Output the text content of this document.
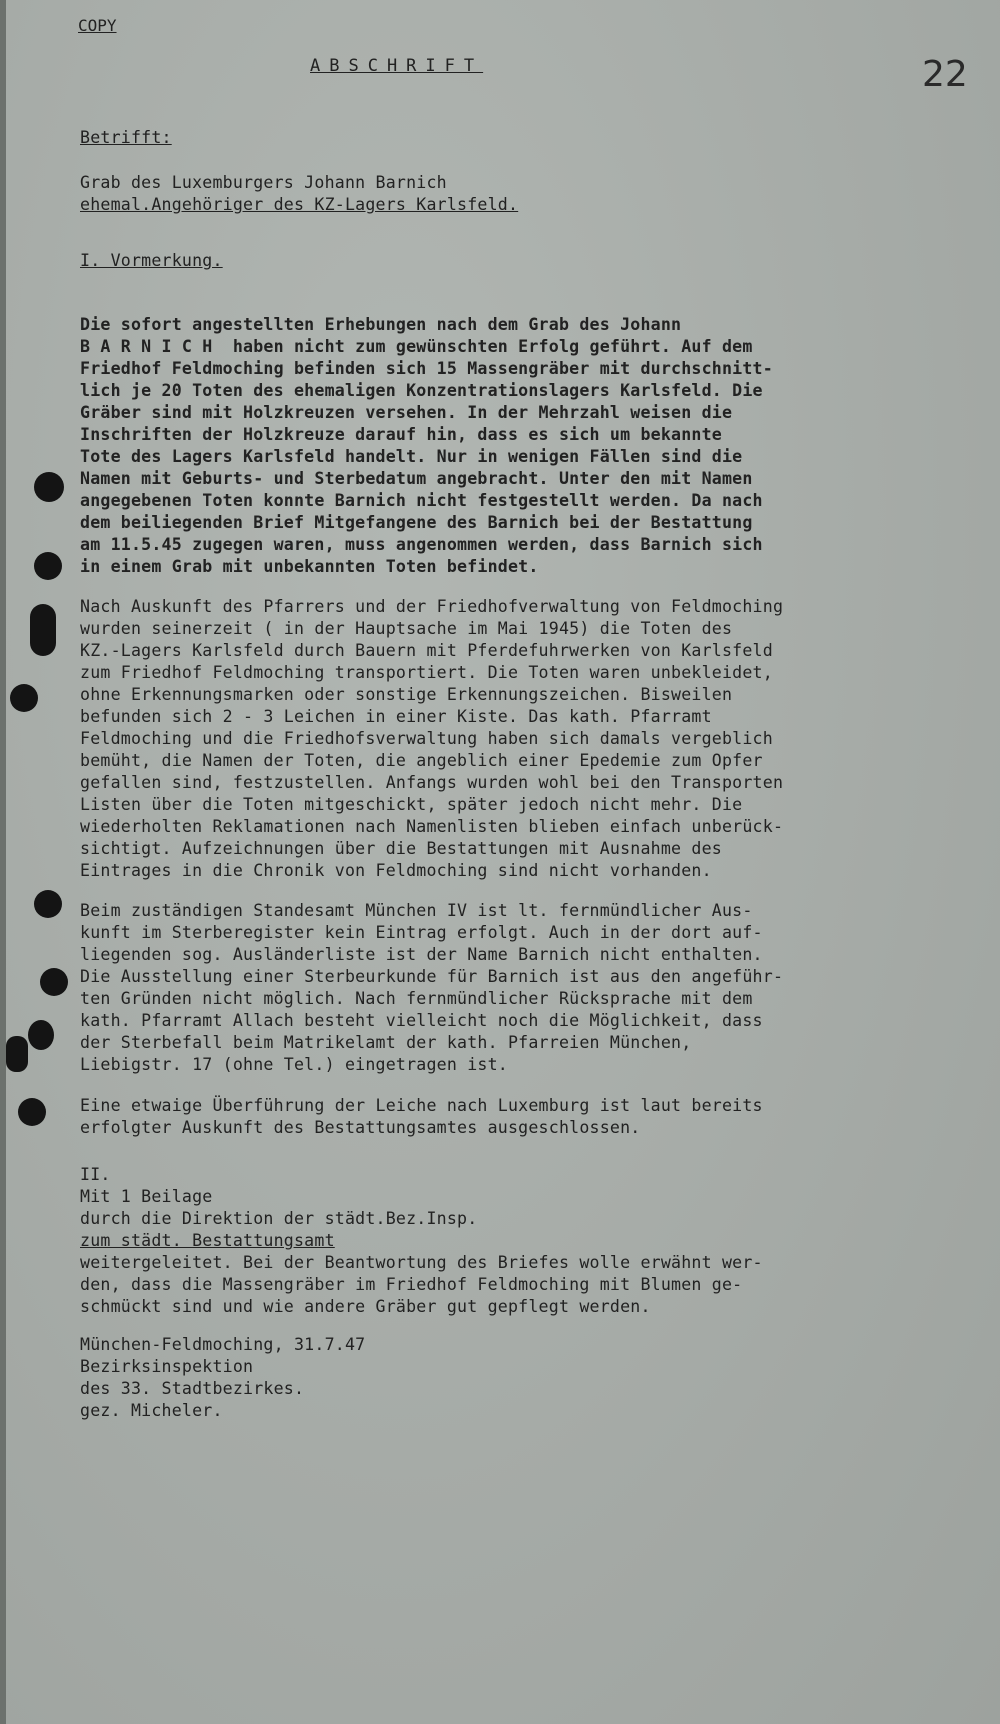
COPY
ABSCHRIFT	22
Betrifft:
Grab des Luxemburgers Johann Barnich
ehemal.Angehöriger des KZ-Lagers Karlsfeld.
I. Vormerkung.
Die sofort angestellten Erhebungen nach dem Grab des Johann
B A R N I C H  haben nicht zum gewünschten Erfolg geführt. Auf dem
Friedhof Feldmoching befinden sich 15 Massengräber mit durchschnitt-
lich je 20 Toten des ehemaligen Konzentrationslagers Karlsfeld. Die
Gräber sind mit Holzkreuzen versehen. In der Mehrzahl weisen die
Inschriften der Holzkreuze darauf hin, dass es sich um bekannte
Tote des Lagers Karlsfeld handelt. Nur in wenigen Fällen sind die
Namen mit Geburts- und Sterbedatum angebracht. Unter den mit Namen
angegebenen Toten konnte Barnich nicht festgestellt werden. Da nach
dem beiliegenden Brief Mitgefangene des Barnich bei der Bestattung
am 11.5.45 zugegen waren, muss angenommen werden, dass Barnich sich
in einem Grab mit unbekannten Toten befindet.
Nach Auskunft des Pfarrers und der Friedhofverwaltung von Feldmoching
wurden seinerzeit ( in der Hauptsache im Mai 1945) die Toten des
KZ.-Lagers Karlsfeld durch Bauern mit Pferdefuhrwerken von Karlsfeld
zum Friedhof Feldmoching transportiert. Die Toten waren unbekleidet,
ohne Erkennungsmarken oder sonstige Erkennungszeichen. Bisweilen
befunden sich 2 - 3 Leichen in einer Kiste. Das kath. Pfarramt
Feldmoching und die Friedhofsverwaltung haben sich damals vergeblich
bemüht, die Namen der Toten, die angeblich einer Epedemie zum Opfer
gefallen sind, festzustellen. Anfangs wurden wohl bei den Transporten
Listen über die Toten mitgeschickt, später jedoch nicht mehr. Die
wiederholten Reklamationen nach Namenlisten blieben einfach unberück-
sichtigt. Aufzeichnungen über die Bestattungen mit Ausnahme des
Eintrages in die Chronik von Feldmoching sind nicht vorhanden.
Beim zuständigen Standesamt München IV ist lt. fernmündlicher Aus-
kunft im Sterberegister kein Eintrag erfolgt. Auch in der dort auf-
liegenden sog. Ausländerliste ist der Name Barnich nicht enthalten.
Die Ausstellung einer Sterbeurkunde für Barnich ist aus den angeführ-
ten Gründen nicht möglich. Nach fernmündlicher Rücksprache mit dem
kath. Pfarramt Allach besteht vielleicht noch die Möglichkeit, dass
der Sterbefall beim Matrikelamt der kath. Pfarreien München,
Liebigstr. 17 (ohne Tel.) eingetragen ist.
Eine etwaige Überführung der Leiche nach Luxemburg ist laut bereits
erfolgter Auskunft des Bestattungsamtes ausgeschlossen.
II.
Mit 1 Beilage
durch die Direktion der städt.Bez.Insp.
zum städt. Bestattungsamt
weitergeleitet. Bei der Beantwortung des Briefes wolle erwähnt wer-
den, dass die Massengräber im Friedhof Feldmoching mit Blumen ge-
schmückt sind und wie andere Gräber gut gepflegt werden.
München-Feldmoching, 31.7.47
Bezirksinspektion
des 33. Stadtbezirkes.
gez. Micheler.
